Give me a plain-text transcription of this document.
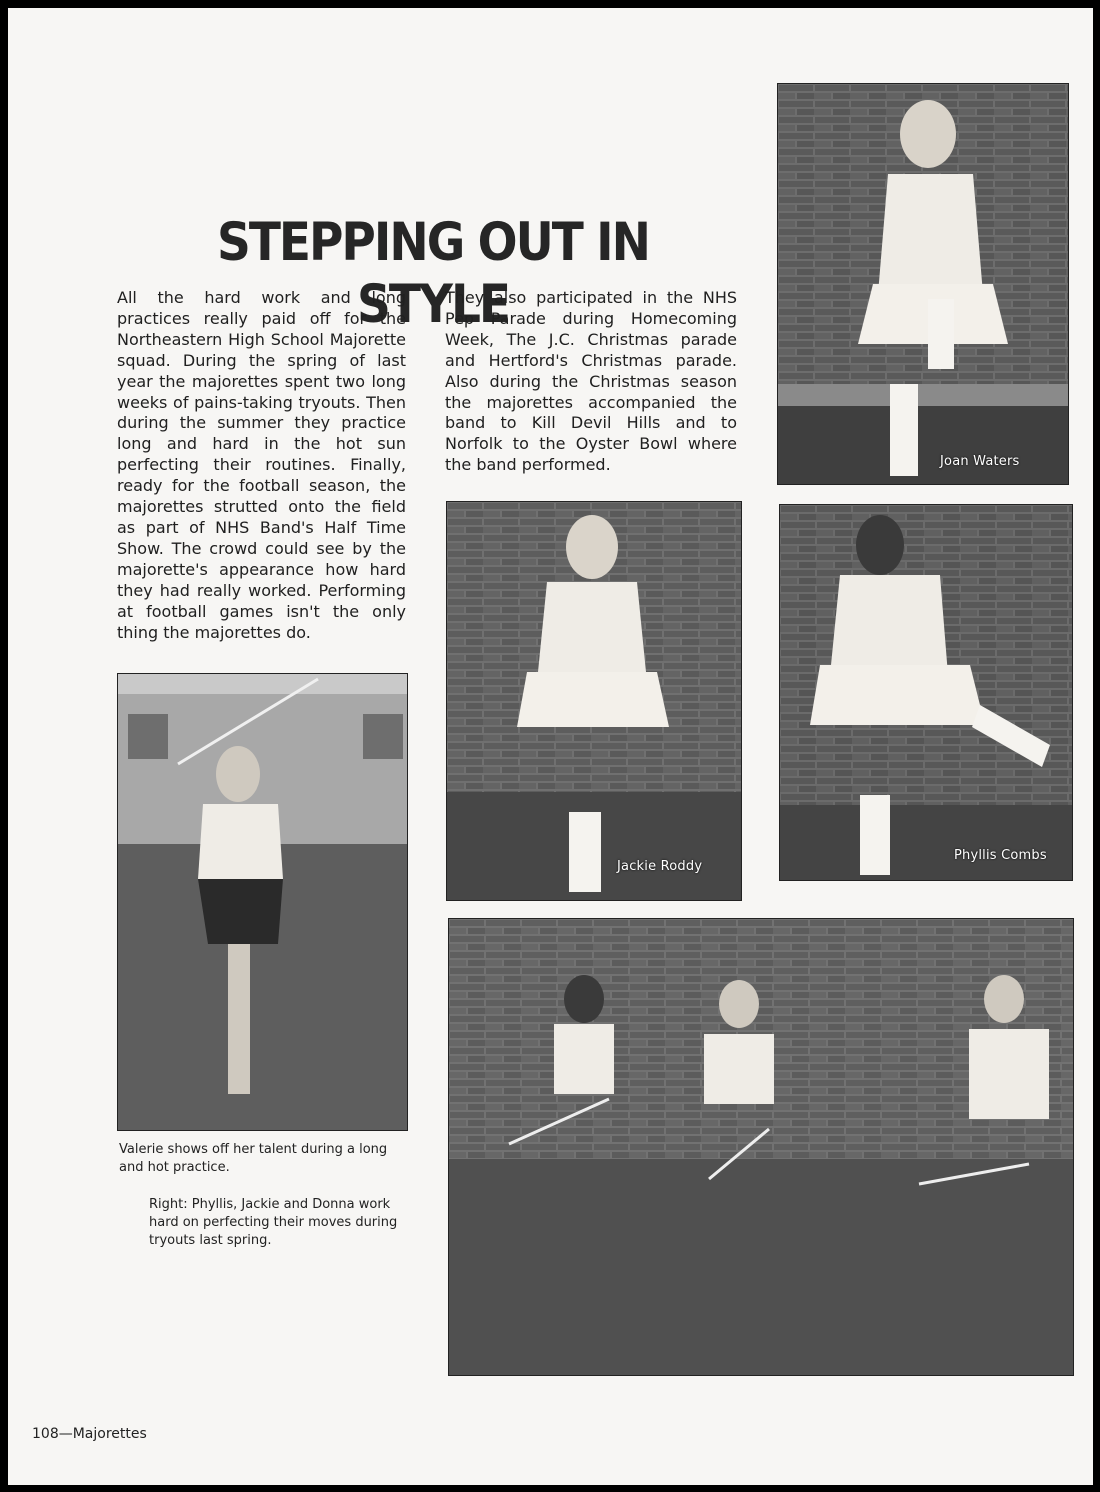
STEPPING OUT IN STYLE
All the hard work and long practices really paid off for the Northeastern High School Majorette squad. During the spring of last year the majorettes spent two long weeks of pains-taking tryouts. Then during the summer they practice long and hard in the hot sun perfecting their routines. Finally, ready for the football season, the majorettes strutted onto the field as part of NHS Band's Half Time Show. The crowd could see by the majorette's appearance how hard they had really worked. Performing at football games isn't the only thing the majorettes do.
They also participated in the NHS Pep Parade during Homecoming Week, The J.C. Christmas parade and Hertford's Christmas parade. Also during the Christmas season the majorettes accompanied the band to Kill Devil Hills and to Norfolk to the Oyster Bowl where the band performed.	Joan Waters
Jackie Roddy
Phyllis Combs
Valerie shows off her talent during a long and hot practice.
Right: Phyllis, Jackie and Donna work hard on perfecting their moves during tryouts last spring.
108—Majorettes
